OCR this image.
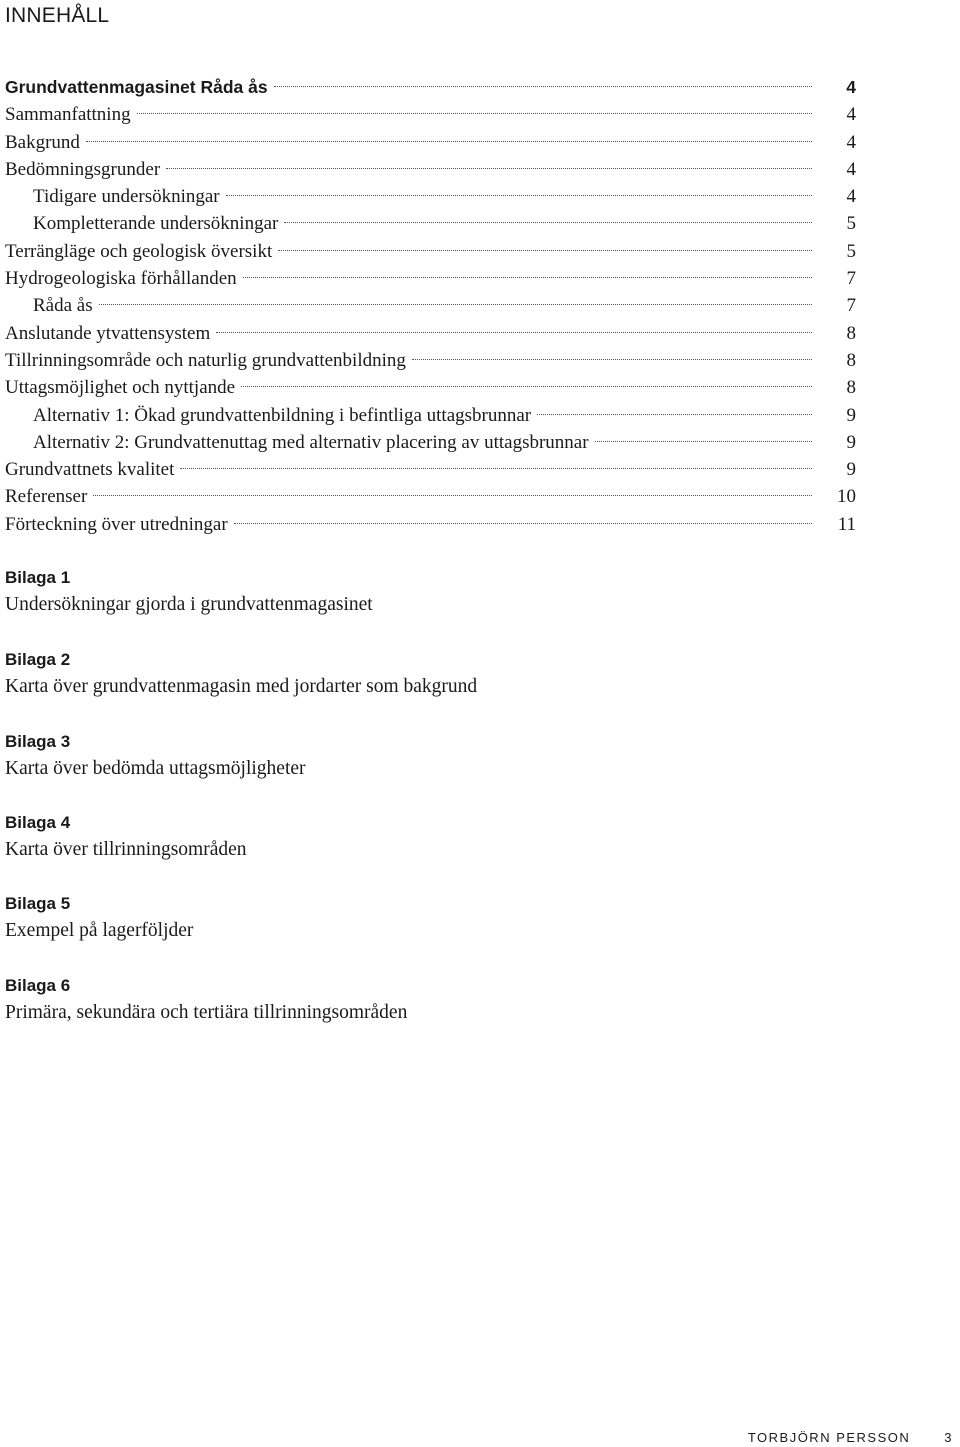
INNEHÅLL
Grundvattenmagasinet Råda ås	4
Sammanfattning	4
Bakgrund	4
Bedömningsgrunder	4
Tidigare undersökningar	4
Kompletterande undersökningar	5
Terrängläge och geologisk översikt	5
Hydrogeologiska förhållanden	7
Råda ås	7
Anslutande ytvattensystem	8
Tillrinningsområde och naturlig grundvattenbildning	8
Uttagsmöjlighet och nyttjande	8
Alternativ 1: Ökad grundvattenbildning i befintliga uttagsbrunnar	9
Alternativ 2: Grundvattenuttag med alternativ placering av uttagsbrunnar	9
Grundvattnets kvalitet	9
Referenser	10
Förteckning över utredningar	11
Bilaga 1
Undersökningar gjorda i grundvattenmagasinet
Bilaga 2
Karta över grundvattenmagasin med jordarter som bakgrund
Bilaga 3
Karta över bedömda uttagsmöjligheter
Bilaga 4
Karta över tillrinningsområden
Bilaga 5
Exempel på lagerföljder
Bilaga 6
Primära, sekundära och tertiära tillrinningsområden
TORBJÖRN PERSSON	3
